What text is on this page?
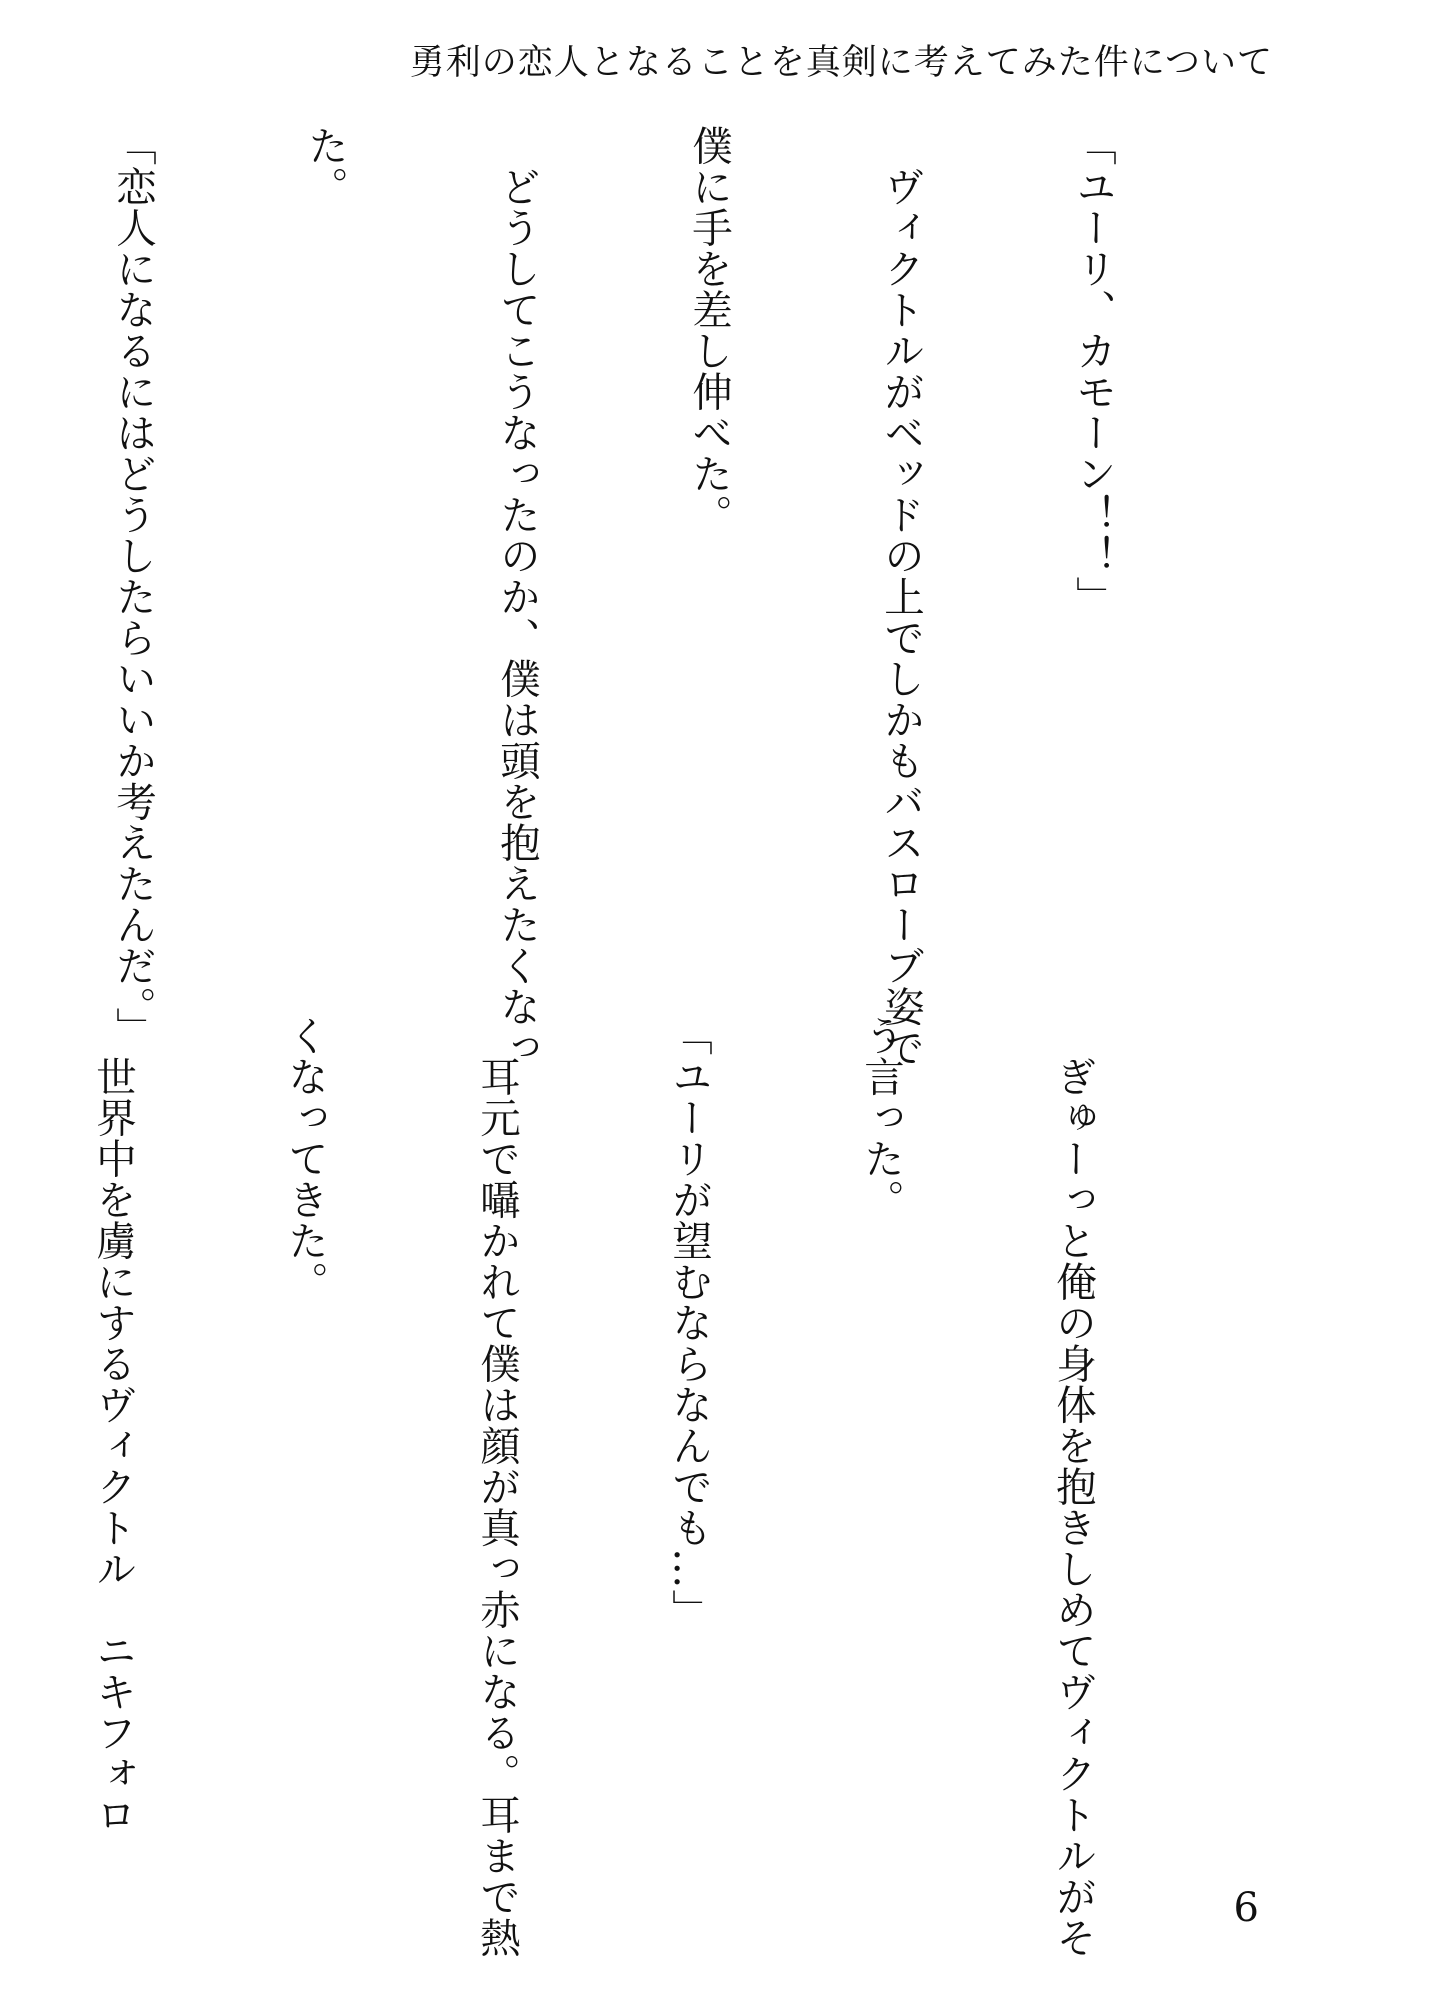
勇利の恋人となることを真剣に考えてみた件について

「ユーリ、カモーン！！」

　ヴィクトルがベッドの上でしかもバスローブ姿で

僕に手を差し伸べた。

　どうしてこうなったのか、僕は頭を抱えたくなっ

た。

「恋人になるにはどうしたらいいか考えたんだ。」

　ぎゅーっと俺の身体を抱きしめてヴィクトルがそ

う言った。

「ユーリが望むならなんでも…」

　耳元で囁かれて僕は顔が真っ赤になる。耳まで熱

くなってきた。

　世界中を虜にするヴィクトル　ニキフォロ

6
